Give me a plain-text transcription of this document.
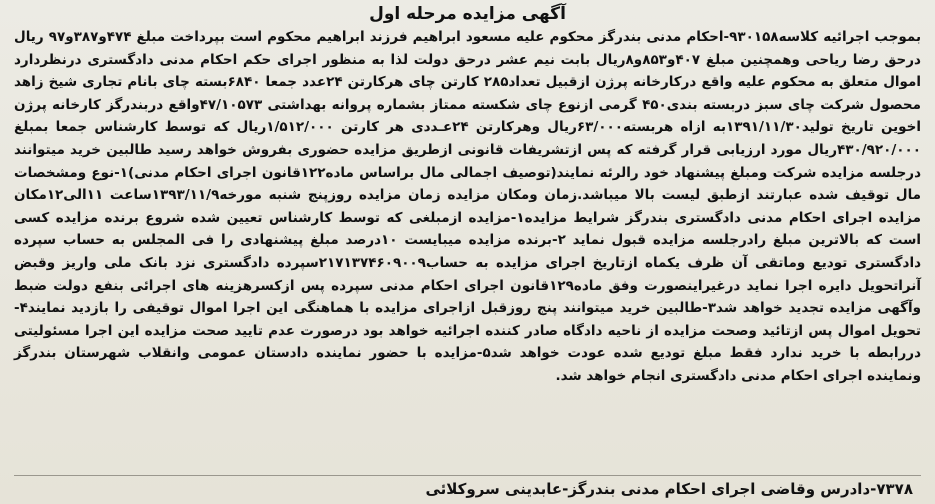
آگهی مزایده مرحله اول
بموجب اجرائیه کلاسه۹۳۰۱۵۸-احکام مدنی بندرگز محکوم علیه مسعود ابراهیم فرزند ابراهیم محکوم است بپرداخت مبلغ ۴۷۴و۳۸۷و۹۷ ریال درحق رضا ریاحی وهمچنین مبلغ ۴۰۷و۸۵۳و۸ریال بابت نیم عشر درحق دولت لذا به منظور اجرای حکم احکام مدنی دادگستری درنظردارد اموال متعلق به محکوم علیه واقع درکارخانه پرژن ازقبیل تعداد۲۸۵ کارتن چای هرکارتن ۲۴عدد جمعا ۶۸۴۰بسته چای بانام تجاری شیخ زاهد محصول شرکت چای سبز دربسته بندی۴۵۰ گرمی ازنوع چای شکسته ممتاز بشماره پروانه بهداشتی ۴۷/۱۰۵۷۳واقع دربندرگز کارخانه پرژن اخوین تاریخ تولید۱۳۹۱/۱۱/۳۰به ازاه هربسته۶۳/۰۰۰ریال وهرکارتن ۲۴عـددی هر کارتن ۱/۵۱۲/۰۰۰ریال که توسط کارشناس جمعا بمبلغ ۴۳۰/۹۲۰/۰۰۰ریال مورد ارزیابی قرار گرفته که پس ازتشریفات قانونی ازطریق مزایده حضوری بفروش خواهد رسید طالبین خرید میتوانند درجلسه مزایده شرکت ومبلغ پیشنهاد خود رالرئه نمایند(توصیف اجمالی مال براساس ماده۱۲۲قانون اجرای احکام مدنی)۱-نوع ومشخصات مال توقیف شده عبارتند ازطبق لیست بالا میباشد.زمان ومکان مزایده زمان مزایده روزپنج شنبه مورخه۱۳۹۳/۱۱/۹ساعت ۱۱الی۱۲مکان مزایده اجرای احکام مدنی دادگستری بندرگز شرایط مزایده۱-مزایده ازمبلغی که توسط کارشناس تعیین شده شروع برنده مزایده کسی است که بالاترین مبلغ رادرجلسه مزایده قبول نماید ۲-برنده مزایده میبایست ۱۰درصد مبلغ پیشنهادی را فی المجلس به حساب سپرده دادگستری تودیع وماتقی آن ظرف یکماه ازتاریخ اجرای مزایده به حساب۲۱۷۱۳۷۴۶۰۹۰۰۹سپرده دادگستری نزد بانک ملی واریز وقبض آنراتحویل دایره اجرا نماید درغیراینصورت وفق ماده۱۲۹قانون اجرای احکام مدنی سپرده پس ازکسرهزینه های اجرائی بنفع دولت ضبط وآگهی مزایده تجدید خواهد شد۳-طالبین خرید میتوانند پنج روزقبل ازاجرای مزایده با هماهنگی این اجرا اموال توقیفی را بازدید نمایند۴-تحویل اموال پس ازتائید وصحت مزایده از ناحیه دادگاه صادر کننده اجرائیه خواهد بود درصورت عدم تایید صحت مزایده این اجرا مسئولیتی دررابطه با خرید ندارد فقط مبلغ تودیع شده عودت خواهد شد۵-مزایده با حضور نماینده دادستان عمومی وانقلاب شهرستان بندرگز ونماینده اجرای احکام مدنی دادگستری انجام خواهد شد.
۷۳۷۸-دادرس وقاضی اجرای احکام مدنی بندرگز-عابدینی سروکلائی
